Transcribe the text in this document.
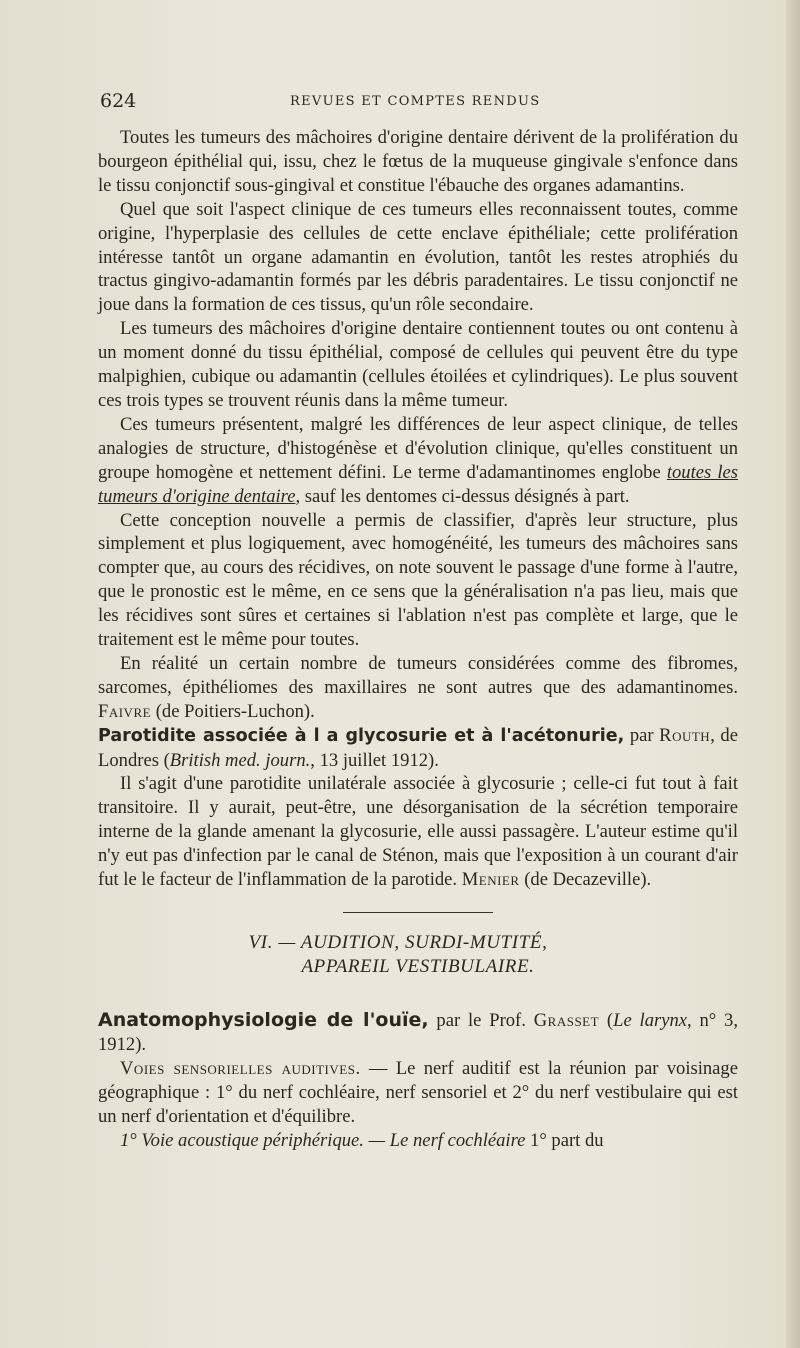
624	REVUES ET COMPTES RENDUS

Toutes les tumeurs des mâchoires d'origine dentaire dérivent de la prolifération du bourgeon épithélial qui, issu, chez le fœtus de la muqueuse gingivale s'enfonce dans le tissu conjonctif sous-gingival et constitue l'ébauche des organes adamantins.

Quel que soit l'aspect clinique de ces tumeurs elles reconnaissent toutes, comme origine, l'hyperplasie des cellules de cette enclave épithéliale; cette prolifération intéresse tantôt un organe adamantin en évolution, tantôt les restes atrophiés du tractus gingivo-adamantin formés par les débris paradentaires. Le tissu conjonctif ne joue dans la formation de ces tissus, qu'un rôle secondaire.

Les tumeurs des mâchoires d'origine dentaire contiennent toutes ou ont contenu à un moment donné du tissu épithélial, composé de cellules qui peuvent être du type malpighien, cubique ou adamantin (cellules étoilées et cylindriques). Le plus souvent ces trois types se trouvent réunis dans la même tumeur.

Ces tumeurs présentent, malgré les différences de leur aspect clinique, de telles analogies de structure, d'histogénèse et d'évolution clinique, qu'elles constituent un groupe homogène et nettement défini. Le terme d'adamantinomes englobe toutes les tumeurs d'origine dentaire, sauf les dentomes ci-dessus désignés à part.

Cette conception nouvelle a permis de classifier, d'après leur structure, plus simplement et plus logiquement, avec homogénéité, les tumeurs des mâchoires sans compter que, au cours des récidives, on note souvent le passage d'une forme à l'autre, que le pronostic est le même, en ce sens que la généralisation n'a pas lieu, mais que les récidives sont sûres et certaines si l'ablation n'est pas complète et large, que le traitement est le même pour toutes.

En réalité un certain nombre de tumeurs considérées comme des fibromes, sarcomes, épithéliomes des maxillaires ne sont autres que des adamantinomes. Faivre (de Poitiers-Luchon).

Parotidite associée à l a glycosurie et à l'acétonurie, par Routh, de Londres (British med. journ., 13 juillet 1912).

Il s'agit d'une parotidite unilatérale associée à glycosurie ; celle-ci fut tout à fait transitoire. Il y aurait, peut-être, une désorganisation de la sécrétion temporaire interne de la glande amenant la glycosurie, elle aussi passagère. L'auteur estime qu'il n'y eut pas d'infection par le canal de Sténon, mais que l'exposition à un courant d'air fut le le facteur de l'inflammation de la parotide. Menier (de Decazeville).

VI. — AUDITION, SURDI-MUTITÉ,
APPAREIL VESTIBULAIRE.

Anatomophysiologie de l'ouïe, par le Prof. Grasset (Le larynx, n° 3, 1912).

Voies sensorielles auditives. — Le nerf auditif est la réunion par voisinage géographique : 1° du nerf cochléaire, nerf sensoriel et 2° du nerf vestibulaire qui est un nerf d'orientation et d'équilibre.

1° Voie acoustique périphérique. — Le nerf cochléaire 1° part du
